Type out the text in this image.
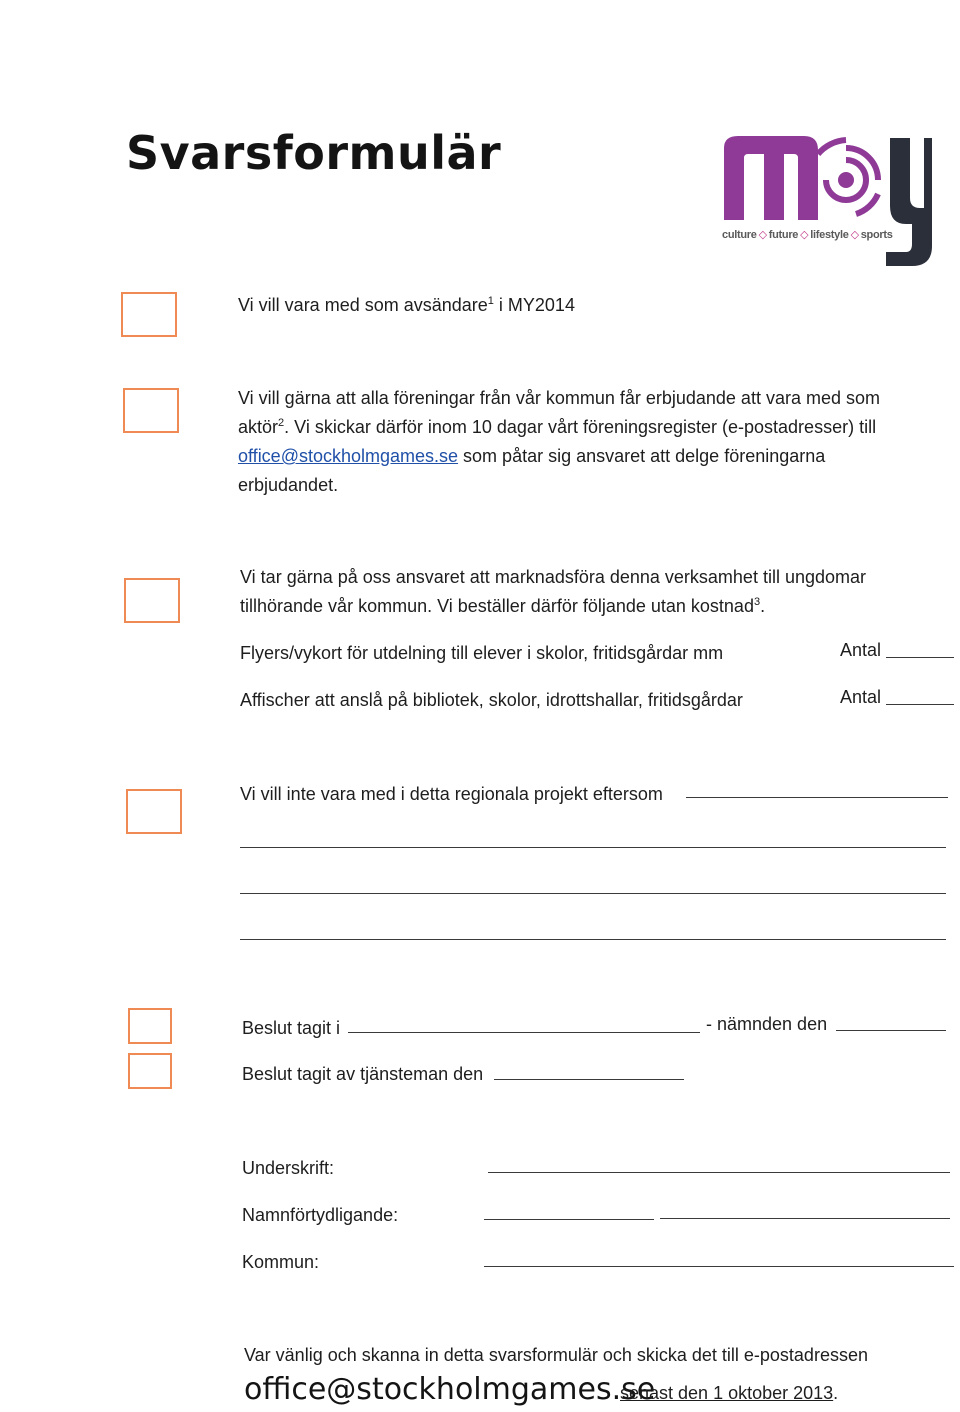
Svarsformulär
culture ◇ future ◇ lifestyle ◇ sports
Vi vill vara med som avsändare$^1$ i MY2014
Vi vill gärna att alla föreningar från vår kommun får erbjudande att vara med som
aktör$^2$. Vi skickar därför inom 10 dagar vårt föreningsregister (e-postadresser) till
office@stockholmgames.se som påtar sig ansvaret att delge föreningarna
erbjudandet.
Vi tar gärna på oss ansvaret att marknadsföra denna verksamhet till ungdomar
tillhörande vår kommun. Vi beställer därför följande utan kostnad$^3$.
Flyers/vykort för utdelning till elever i skolor, fritidsgårdar mm	Antal
Affischer att anslå på bibliotek, skolor, idrottshallar, fritidsgårdar	Antal
Vi vill inte vara med i detta regionala projekt eftersom
Beslut tagit i	- nämnden den
Beslut tagit av tjänsteman den
Underskrift:
Namnförtydligande:
Kommun:
Var vänlig och skanna in detta svarsformulär och skicka det till e-postadressen
office@stockholmgames.se
senast den 1 oktober 2013.
